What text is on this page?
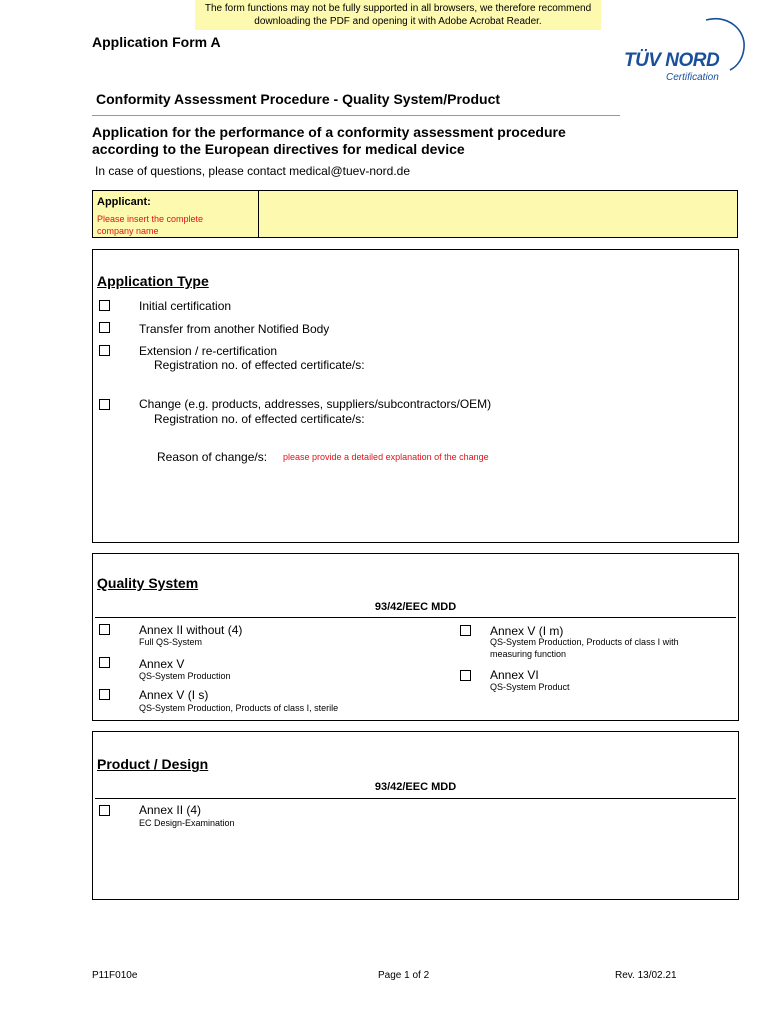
The form functions may not be fully supported in all browsers, we therefore recommend
downloading the PDF and opening it with Adobe Acrobat Reader.
Application Form A
TÜV NORD
Certification
Conformity Assessment Procedure - Quality System/Product
Application for the performance of a conformity assessment procedure
according to the European directives for medical device
In case of questions, please contact medical@tuev-nord.de
Applicant:
Please insert the complete company name
Application Type
Initial certification
Transfer from another Notified Body
Extension / re-certification
Registration no. of effected certificate/s:
Change (e.g. products, addresses, suppliers/subcontractors/OEM)
Registration no. of effected certificate/s:
Reason of change/s: please provide a detailed explanation of the change
Quality System
93/42/EEC MDD
Annex II without (4)
Full QS-System
Annex V
QS-System Production
Annex V (I s)
QS-System Production, Products of class I, sterile
Annex V (I m)
QS-System Production, Products of class I with
measuring function
Annex VI
QS-System Product
Product / Design
93/42/EEC MDD
Annex II (4)
EC Design-Examination
P11F010e	Page 1 of 2	Rev. 13/02.21
